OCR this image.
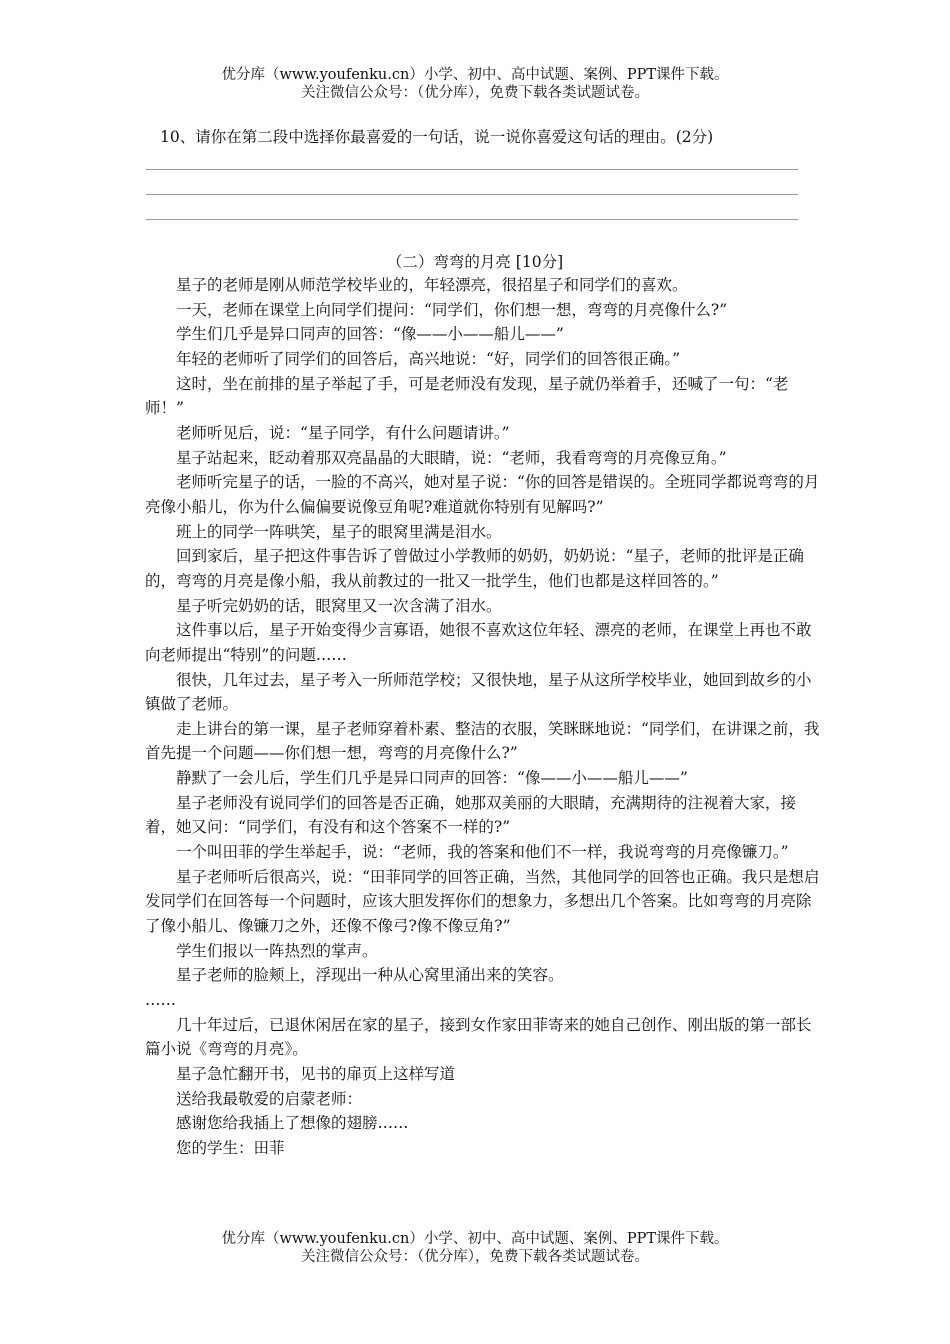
优分库（www.youfenku.cn）小学、初中、高中试题、案例、PPT课件下载。
关注微信公众号：（优分库），免费下载各类试题试卷。
10、请你在第二段中选择你最喜爱的一句话，说一说你喜爱这句话的理由。(2分)
（二）弯弯的月亮 [10分]

星子的老师是刚从师范学校毕业的，年轻漂亮，很招星子和同学们的喜欢。

一天，老师在课堂上向同学们提问：“同学们，你们想一想，弯弯的月亮像什么?”

学生们几乎是异口同声的回答：“像——小——船儿——”

年轻的老师听了同学们的回答后，高兴地说：“好，同学们的回答很正确。”

这时，坐在前排的星子举起了手，可是老师没有发现，星子就仍举着手，还喊了一句：“老师！”

老师听见后，说：“星子同学，有什么问题请讲。”

星子站起来，眨动着那双亮晶晶的大眼睛，说：“老师，我看弯弯的月亮像豆角。”

老师听完星子的话，一脸的不高兴，她对星子说：“你的回答是错误的。全班同学都说弯弯的月亮像小船儿，你为什么偏偏要说像豆角呢?难道就你特别有见解吗?”

班上的同学一阵哄笑，星子的眼窝里满是泪水。

回到家后，星子把这件事告诉了曾做过小学教师的奶奶，奶奶说：“星子，老师的批评是正确的，弯弯的月亮是像小船，我从前教过的一批又一批学生，他们也都是这样回答的。”

星子听完奶奶的话，眼窝里又一次含满了泪水。

这件事以后，星子开始变得少言寡语，她很不喜欢这位年轻、漂亮的老师，在课堂上再也不敢向老师提出“特别”的问题……

很快，几年过去，星子考入一所师范学校；又很快地，星子从这所学校毕业，她回到故乡的小镇做了老师。

走上讲台的第一课，星子老师穿着朴素、整洁的衣服，笑眯眯地说：“同学们，在讲课之前，我首先提一个问题——你们想一想，弯弯的月亮像什么?”

静默了一会儿后，学生们几乎是异口同声的回答：“像——小——船儿——”

星子老师没有说同学们的回答是否正确，她那双美丽的大眼睛，充满期待的注视着大家，接着，她又问：“同学们，有没有和这个答案不一样的?”

一个叫田菲的学生举起手，说：“老师，我的答案和他们不一样，我说弯弯的月亮像镰刀。”

星子老师听后很高兴，说：“田菲同学的回答正确，当然，其他同学的回答也正确。我只是想启发同学们在回答每一个问题时，应该大胆发挥你们的想象力，多想出几个答案。比如弯弯的月亮除了像小船儿、像镰刀之外，还像不像弓?像不像豆角?”

学生们报以一阵热烈的掌声。

星子老师的脸颊上，浮现出一种从心窝里涌出来的笑容。

……

几十年过后，已退休闲居在家的星子，接到女作家田菲寄来的她自己创作、刚出版的第一部长篇小说《弯弯的月亮》。

星子急忙翻开书，见书的扉页上这样写道

送给我最敬爱的启蒙老师：

感谢您给我插上了想像的翅膀……

您的学生：田菲

优分库（www.youfenku.cn）小学、初中、高中试题、案例、PPT课件下载。
关注微信公众号：（优分库），免费下载各类试题试卷。
